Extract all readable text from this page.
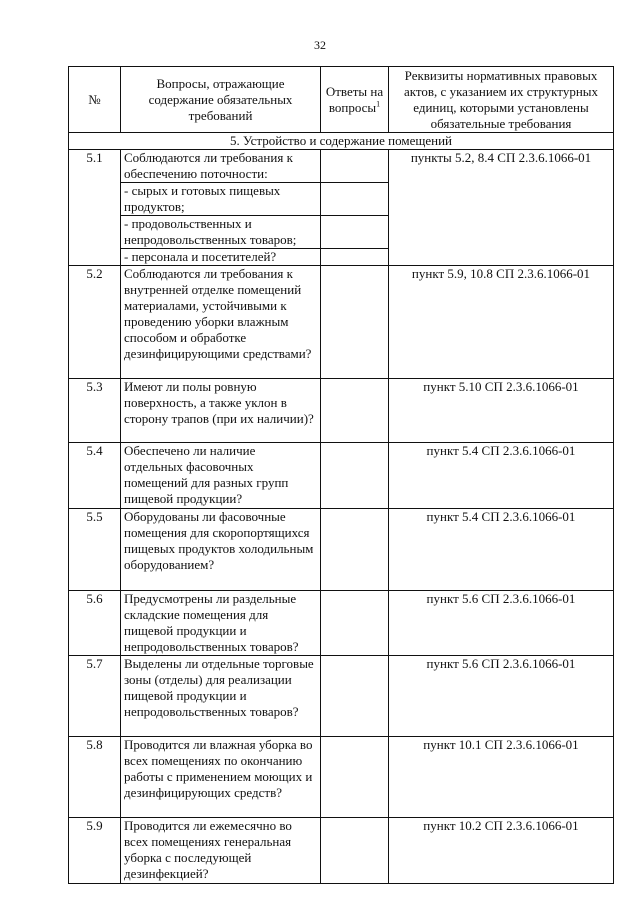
32
№	Вопросы, отражающие содержание обязательных требований	Ответы на вопросы$^1$	Реквизиты нормативных правовых актов, с указанием их структурных единиц, которыми установлены обязательные требования
5. Устройство и содержание помещений			
5.1	Соблюдаются ли требования к обеспечению поточности:		пункты 5.2, 8.4 СП 2.3.6.1066-01
	- сырых и готовых пищевых продуктов;		
	- продовольственных и непродовольственных товаров;		
	- персонала и посетителей?		
5.2	Соблюдаются ли требования к внутренней отделке помещений материалами, устойчивыми к проведению уборки влажным способом и обработке дезинфицирующими средствами?		пункт 5.9, 10.8 СП 2.3.6.1066-01
5.3	Имеют ли полы ровную поверхность, а также уклон в сторону трапов (при их наличии)?		пункт 5.10 СП 2.3.6.1066-01
5.4	Обеспечено ли наличие отдельных фасовочных помещений для разных групп пищевой продукции?		пункт 5.4 СП 2.3.6.1066-01
5.5	Оборудованы ли фасовочные помещения для скоропортящихся пищевых продуктов холодильным оборудованием?		пункт 5.4 СП 2.3.6.1066-01
5.6	Предусмотрены ли раздельные складские помещения для пищевой продукции и непродовольственных товаров?		пункт 5.6 СП 2.3.6.1066-01
5.7	Выделены ли отдельные торговые зоны (отделы) для реализации пищевой продукции и непродовольственных товаров?		пункт 5.6 СП 2.3.6.1066-01
5.8	Проводится ли влажная уборка во всех помещениях по окончанию работы с применением моющих и дезинфицирующих средств?		пункт 10.1 СП 2.3.6.1066-01
5.9	Проводится ли ежемесячно во всех помещениях генеральная уборка с последующей дезинфекцией?		пункт 10.2 СП 2.3.6.1066-01
